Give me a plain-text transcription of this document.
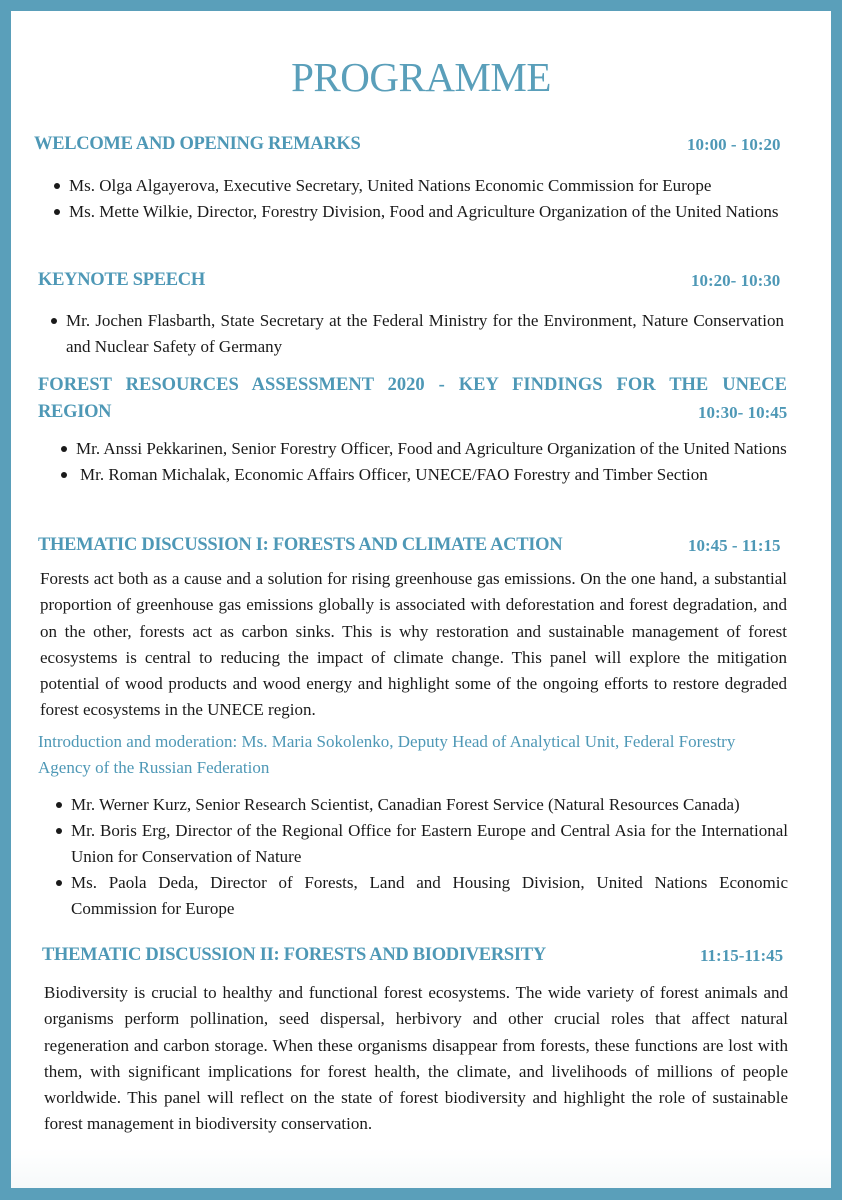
PROGRAMME
WELCOME AND OPENING REMARKS	10:00 - 10:20
Ms. Olga Algayerova, Executive Secretary, United Nations Economic Commission for Europe
Ms. Mette Wilkie, Director, Forestry Division, Food and Agriculture Organization of the United Nations
KEYNOTE SPEECH	10:20- 10:30
Mr. Jochen Flasbarth, State Secretary at the Federal Ministry for the Environment, Nature Conservation and Nuclear Safety of Germany
FOREST RESOURCES ASSESSMENT 2020 - KEY FINDINGS FOR THE UNECE
REGION	10:30- 10:45
Mr. Anssi Pekkarinen, Senior Forestry Officer, Food and Agriculture Organization of the United Nations
Mr. Roman Michalak, Economic Affairs Officer, UNECE/FAO Forestry and Timber Section
THEMATIC DISCUSSION I: FORESTS AND CLIMATE ACTION	10:45 - 11:15

Forests act both as a cause and a solution for rising greenhouse gas emissions. On the one hand, a substantial proportion of greenhouse gas emissions globally is associated with deforestation and forest degradation, and on the other, forests act as carbon sinks. This is why restoration and sustainable management of forest ecosystems is central to reducing the impact of climate change. This panel will explore the mitigation potential of wood products and wood energy and highlight some of the ongoing efforts to restore degraded forest ecosystems in the UNECE region.

Introduction and moderation: Ms. Maria Sokolenko, Deputy Head of Analytical Unit, Federal Forestry Agency of the Russian Federation

Mr. Werner Kurz, Senior Research Scientist, Canadian Forest Service (Natural Resources Canada)
Mr. Boris Erg, Director of the Regional Office for Eastern Europe and Central Asia for the International Union for Conservation of Nature
Ms. Paola Deda, Director of Forests, Land and Housing Division, United Nations Economic Commission for Europe
THEMATIC DISCUSSION II: FORESTS AND BIODIVERSITY	11:15-11:45

Biodiversity is crucial to healthy and functional forest ecosystems. The wide variety of forest animals and organisms perform pollination, seed dispersal, herbivory and other crucial roles that affect natural regeneration and carbon storage. When these organisms disappear from forests, these functions are lost with them, with significant implications for forest health, the climate, and livelihoods of millions of people worldwide. This panel will reflect on the state of forest biodiversity and highlight the role of sustainable forest management in biodiversity conservation.
